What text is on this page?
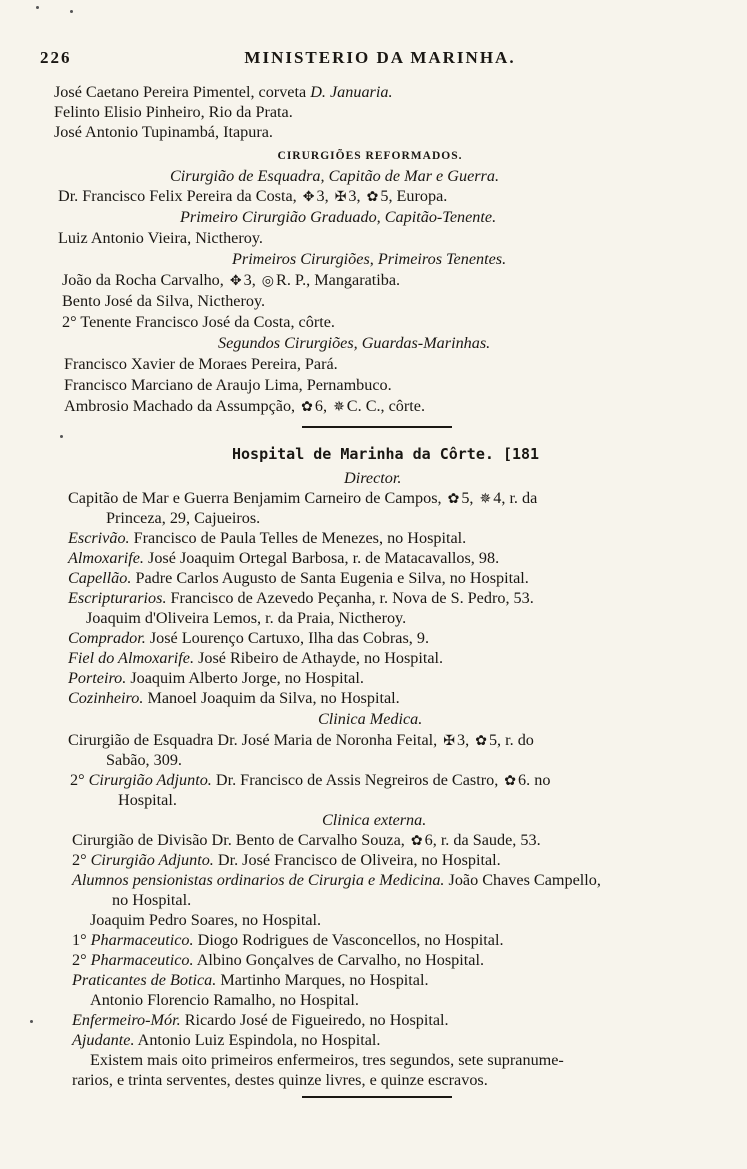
226	MINISTERIO DA MARINHA.
José Caetano Pereira Pimentel, corveta D. Januaria.
Felinto Elisio Pinheiro, Rio da Prata.
José Antonio Tupinambá, Itapura.
CIRURGIÕES REFORMADOS.
Cirurgião de Esquadra, Capitão de Mar e Guerra.
Dr. Francisco Felix Pereira da Costa, ✥ 3, ✠ 3, ✿ 5, Europa.
Primeiro Cirurgião Graduado, Capitão-Tenente.
Luiz Antonio Vieira, Nictheroy.
Primeiros Cirurgiões, Primeiros Tenentes.
João da Rocha Carvalho, ✥ 3, ◎ R. P., Mangaratiba.
Bento José da Silva, Nictheroy.
2° Tenente Francisco José da Costa, côrte.
Segundos Cirurgiões, Guardas-Marinhas.
Francisco Xavier de Moraes Pereira, Pará.
Francisco Marciano de Araujo Lima, Pernambuco.
Ambrosio Machado da Assumpção, ✿ 6, ✵ C. C., côrte.
Hospital de Marinha da Côrte. [181
Director.
Capitão de Mar e Guerra Benjamim Carneiro de Campos, ✿ 5, ✵ 4, r. da
Princeza, 29, Cajueiros.
Escrivão. Francisco de Paula Telles de Menezes, no Hospital.
Almoxarife. José Joaquim Ortegal Barbosa, r. de Matacavallos, 98.
Capellão. Padre Carlos Augusto de Santa Eugenia e Silva, no Hospital.
Escripturarios. Francisco de Azevedo Peçanha, r. Nova de S. Pedro, 53.
Joaquim d'Oliveira Lemos, r. da Praia, Nictheroy.
Comprador. José Lourenço Cartuxo, Ilha das Cobras, 9.
Fiel do Almoxarife. José Ribeiro de Athayde, no Hospital.
Porteiro. Joaquim Alberto Jorge, no Hospital.
Cozinheiro. Manoel Joaquim da Silva, no Hospital.
Clinica Medica.
Cirurgião de Esquadra Dr. José Maria de Noronha Feital, ✠ 3, ✿ 5, r. do
Sabão, 309.
2° Cirurgião Adjunto. Dr. Francisco de Assis Negreiros de Castro, ✿ 6. no
Hospital.
Clinica externa.
Cirurgião de Divisão Dr. Bento de Carvalho Souza, ✿ 6, r. da Saude, 53.
2° Cirurgião Adjunto. Dr. José Francisco de Oliveira, no Hospital.
Alumnos pensionistas ordinarios de Cirurgia e Medicina. João Chaves Campello,
no Hospital.
Joaquim Pedro Soares, no Hospital.
1° Pharmaceutico. Diogo Rodrigues de Vasconcellos, no Hospital.
2° Pharmaceutico. Albino Gonçalves de Carvalho, no Hospital.
Praticantes de Botica. Martinho Marques, no Hospital.
Antonio Florencio Ramalho, no Hospital.
Enfermeiro-Mór. Ricardo José de Figueiredo, no Hospital.
Ajudante. Antonio Luiz Espindola, no Hospital.
Existem mais oito primeiros enfermeiros, tres segundos, sete supranume-
rarios, e trinta serventes, destes quinze livres, e quinze escravos.
